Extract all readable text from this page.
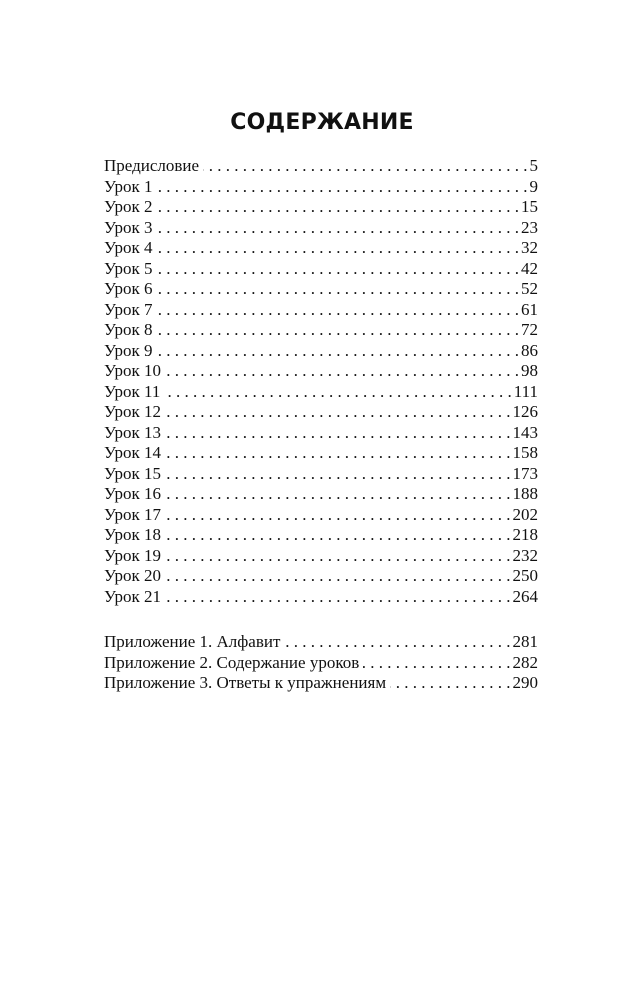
СОДЕРЖАНИЕ
Предисловие . . .	5
Урок 1 . . .	9
Урок 2 . . .	15
Урок 3 . . .	23
Урок 4 . . .	32
Урок 5 . . .	42
Урок 6 . . .	52
Урок 7 . . .	61
Урок 8 . . .	72
Урок 9 . . .	86
Урок 10 . . .	98
Урок 11 . . .	111
Урок 12 . . .	126
Урок 13 . . .	143
Урок 14 . . .	158
Урок 15 . . .	173
Урок 16 . . .	188
Урок 17 . . .	202
Урок 18 . . .	218
Урок 19 . . .	232
Урок 20 . . .	250
Урок 21 . . .	264
Приложение 1. Алфавит . . .	281
Приложение 2. Содержание уроков . . .	282
Приложение 3. Ответы к упражнениям . . .	290
